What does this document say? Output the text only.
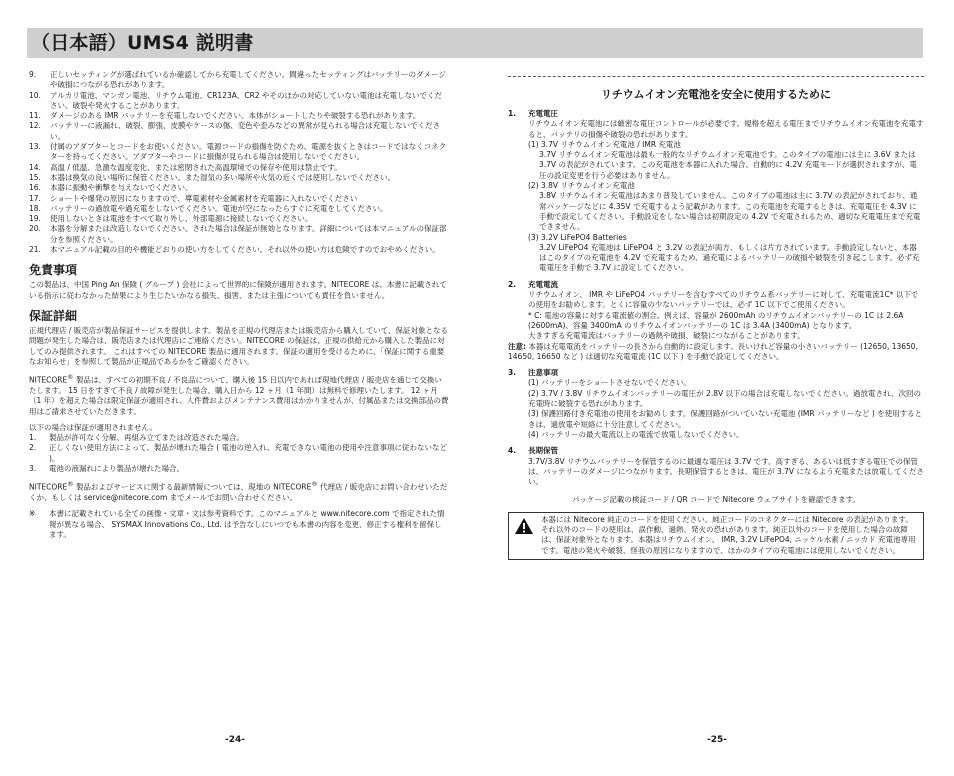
（日本語）UMS4 説明書
9.	正しいセッティングが選ばれているか確認してから充電してください。間違ったセッティングはバッテリーのダメージや破損につながる恐れがあります。
10.	アルカリ電池、マンガン電池、リチウム電池、CR123A、CR2 やそのほかの対応していない電池は充電しないでください。破裂や発火することがあります。
11.	ダメージのある IMR バッテリーを充電しないでください。本体がショートしたりや破裂する恐れがあります。
12.	バッテリーに液漏れ、破裂、膨張、皮膜やケースの傷、変色や歪みなどの異常が見られる場合は充電しないでください。
13.	付属のアダプターとコードをお使いください。電源コードの損傷を防ぐため、電源を抜くときはコードではなくコネクターを持ってください。アダプターやコードに損傷が見られる場合は使用しないでください。
14.	高温 / 低温、急激な温度変化、または密閉された高温環境での保存や使用は禁止です。
15.	本器は換気の良い場所に保管ください。また湿気の多い場所や火気の近くでは使用しないでください。
16.	本器に振動や衝撃を与えないでください。
17.	ショートや爆発の原因になりますので、導電素材や金属素材を充電器に入れないでください
18.	バッテリーの過放電や過充電をしないでください。電池が空になったらすぐに充電をしてください。
19.	使用しないときは電池をすべて取り外し、外部電源に接続しないでください。
20.	本器を分解または改造しないでください。された場合は保証が無効となります。詳細については本マニュアルの保証部分を参照ください。
21.	本マニュアル記載の目的や機能どおりの使い方をしてください。それ以外の使い方は危険ですのでおやめください。
免責事項

この製品は、中国 Ping An 保険 ( グループ ) 会社によって世界的に保険が適用されます。NITECORE は、本書に記載されている指示に従わなかった結果により生じたいかなる損失、損害、または主張についても責任を負いません。

保証詳細

正規代理店 / 販売店が製品保証サービスを提供します。製品を正規の代理店または販売店から購入していて、保証対象となる問題が発生した場合は、販売店または代理店にご連絡ください。NITECORE の保証は、正規の供給元から購入した製品に対してのみ提供されます。 これはすべての NITECORE 製品に適用されます。保証の適用を受けるために、「保証に関する重要なお知らせ」を参照して製品が正規品であるかをご確認ください。

NITECORE® 製品は、すべての初期不良 / 不良品について、購入後 15 日以内であれば現地代理店 / 販売店を通じて交換いたします。 15 日をすぎて不良 / 故障が発生した場合、購入日から 12 ヶ月（1 年間）は無料で修理いたします。 12 ヶ月（1 年）を超えた場合は限定保証が適用され、人件費およびメンテナンス費用はかかりませんが、付属品または交換部品の費用はご請求させていただきます。

以下の場合は保証が適用されません。

1.	製品が許可なく分解、再組み立てまたは改造された場合。
2.	正しくない使用方法によって、製品が壊れた場合 ( 電池の逆入れ、充電できない電池の使用や注意事項に従わないなど )。
3.	電池の液漏れにより製品が壊れた場合。

NITECORE® 製品およびサービスに関する最新情報については、現地の NITECORE® 代理店 / 販売店にお問い合わせいただくか、もしくは service@nitecore.com までメールでお問い合わせください。

※	本書に記載されている全ての画像・文章・文は参考資料です。このマニュアルと www.nitecore.com で指定された情報が異なる場合、 SYSMAX Innovations Co., Ltd. は予告なしにいつでも本書の内容を変更、修正する権利を留保します。
リチウムイオン充電池を安全に使用するために
1.	充電電圧

リチウムイオン充電池には厳密な電圧コントロールが必要です。規格を超える電圧までリチウムイオン充電池を充電すると、バッテリの損傷や破裂の恐れがあります。

(1) 3.7V リチウムイオン充電池 / IMR 充電池

3.7V リチウムイオン充電池は最も一般的なリチウムイオン充電池です。このタイプの電池には主に 3.6V または 3.7V の表記がされています。この充電池を本器に入れた場合、自動的に 4.2V 充電モードが選択されますが、電圧の設定変更を行う必要はありません。

(2) 3.8V リチウムイオン充電池

3.8V リチウムイオン充電池はあまり普及していません。このタイプの電池は主に 3.7V の表記がされており、通常パッケージなどに 4.35V で充電するよう記載があります。この充電池を充電するときは、充電電圧を 4.3V に手動で設定してください。手動設定をしない場合は初期設定の 4.2V で充電されるため、適切な充電電圧まで充電できません。

(3) 3.2V LiFePO4 Batteries

3.2V LiFePO4 充電池は LiFePO4 と 3.2V の表記が両方、もしくは片方されています。手動設定しないと、本器はこのタイプの充電池を 4.2V で充電するため、過充電によるバッテリーの破損や破裂を引き起こします。必ず充電電圧を手動で 3.7V に設定してください。

2.	充電電流

リチウムイオン、 IMR や LiFePO4 バッテリーを含むすべてのリチウム系バッテリーに対して、充電電流1C* 以下での使用をお勧めします。とくに容量の少ないバッテリーでは、必ず 1C 以下でご使用ください。

* C: 電池の容量に対する電流値の割合。例えば、容量が 2600mAh のリチウムイオンバッテリーの 1C は 2.6A (2600mA)、容量 3400mA のリチウムイオンバッテリーの 1C は 3.4A (3400mA) となります。

大きすぎる充電電流はバッテリーの過熱や破損、破裂につながることがあります。

注意: 本器は充電電流をバッテリーの長さから自動的に設定します。長いけれど容量の小さいバッテリー (12650, 13650, 14650, 16650 など ) は適切な充電電流 (1C 以下 ) を手動で設定してください。

3.	注意事項

(1) バッテリーをショートさせないでください。

(2) 3.7V / 3.8V リチウムイオンバッテリーの電圧が 2.8V 以下の場合は充電しないでください。過放電され、次回の充電時に破裂する恐れがあります。

(3) 保護回路付き充電池の使用をお勧めします。保護回路がついていない充電池 (IMR バッテリーなど ) を使用するときは、過放電や短絡に十分注意してください。

(4) バッテリーの最大電流以上の電流で放電しないでください。

4.	長期保管

3.7V/3.8V リチウムバッテリーを保管するのに最適な電圧は 3.7V です。高すぎる、あるいは低すぎる電圧での保管は、バッテリーのダメージにつながります。長期保管するときは、電圧が 3.7V になるよう充電または放電してください。

パッケージ記載の検証コード / QR コードで Nitecore ウェブサイトを確認できます。

本器には Nitecore 純正のコードを使用ください。純正コードのコネクターには Nitecore の表記があります。それ以外のコードの使用は、誤作動、過熱、発火の恐れがあります。純正以外のコードを使用した場合の故障は、保証対象外となります。本器はリチウムイオン、 IMR, 3.2V LiFePO4, ニッケル水素 / ニッカド 充電池専用です。電池の発火や破裂、怪我の原因になりますので、ほかのタイプの充電池には使用しないでください。
-24-	-25-
